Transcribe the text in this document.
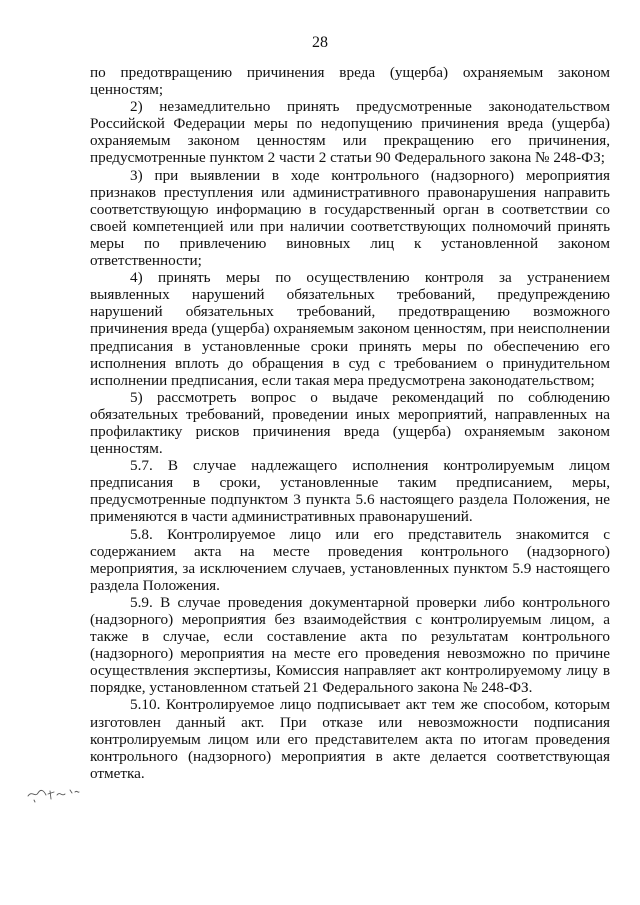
28

по предотвращению причинения вреда (ущерба) охраняемым законом ценностям;

2) незамедлительно принять предусмотренные законодательством Российской Федерации меры по недопущению причинения вреда (ущерба) охраняемым законом ценностям или прекращению его причинения, предусмотренные пунктом 2 части 2 статьи 90 Федерального закона № 248-ФЗ;

3) при выявлении в ходе контрольного (надзорного) мероприятия признаков преступления или административного правонарушения направить соответствующую информацию в государственный орган в соответствии со своей компетенцией или при наличии соответствующих полномочий принять меры по привлечению виновных лиц к установленной законом ответственности;

4) принять меры по осуществлению контроля за устранением выявленных нарушений обязательных требований, предупреждению нарушений обязательных требований, предотвращению возможного причинения вреда (ущерба) охраняемым законом ценностям, при неисполнении предписания в установленные сроки принять меры по обеспечению его исполнения вплоть до обращения в суд с требованием о принудительном исполнении предписания, если такая мера предусмотрена законодательством;

5) рассмотреть вопрос о выдаче рекомендаций по соблюдению обязательных требований, проведении иных мероприятий, направленных на профилактику рисков причинения вреда (ущерба) охраняемым законом ценностям.

5.7. В случае надлежащего исполнения контролируемым лицом предписания в сроки, установленные таким предписанием, меры, предусмотренные подпунктом 3 пункта 5.6 настоящего раздела Положения, не применяются в части административных правонарушений.

5.8. Контролируемое лицо или его представитель знакомится с содержанием акта на месте проведения контрольного (надзорного) мероприятия, за исключением случаев, установленных пунктом 5.9 настоящего раздела Положения.

5.9. В случае проведения документарной проверки либо контрольного (надзорного) мероприятия без взаимодействия с контролируемым лицом, а также в случае, если составление акта по результатам контрольного (надзорного) мероприятия на месте его проведения невозможно по причине осуществления экспертизы, Комиссия направляет акт контролируемому лицу в порядке, установленном статьей 21 Федерального закона № 248-ФЗ.

5.10. Контролируемое лицо подписывает акт тем же способом, которым изготовлен данный акт. При отказе или невозможности подписания контролируемым лицом или его представителем акта по итогам проведения контрольного (надзорного) мероприятия в акте делается соответствующая отметка.
